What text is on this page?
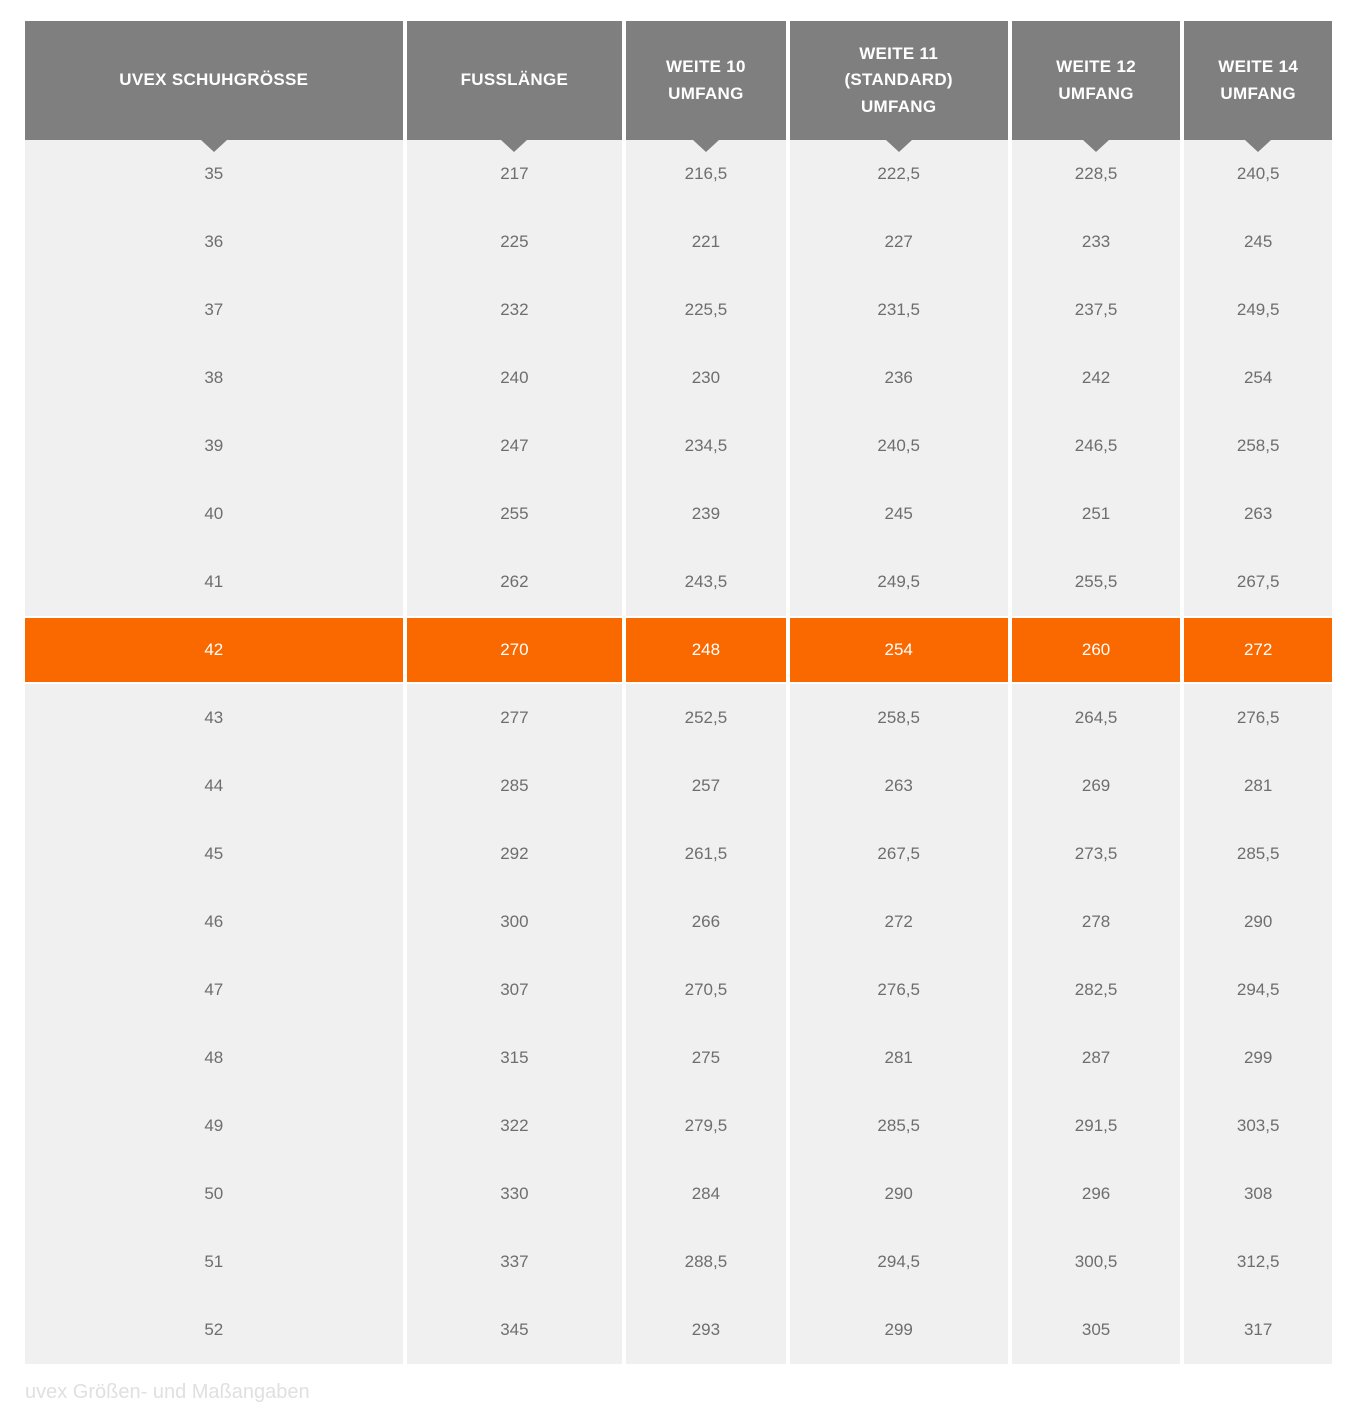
UVEX SCHUHGRÖSSE	FUSSLÄNGE	WEITE 10 UMFANG	WEITE 11 (STANDARD) UMFANG	WEITE 12 UMFANG	WEITE 14 UMFANG

35	217	216,5	222,5	228,5	240,5
36	225	221	227	233	245
37	232	225,5	231,5	237,5	249,5
38	240	230	236	242	254
39	247	234,5	240,5	246,5	258,5
40	255	239	245	251	263
41	262	243,5	249,5	255,5	267,5
42	270	248	254	260	272
43	277	252,5	258,5	264,5	276,5
44	285	257	263	269	281
45	292	261,5	267,5	273,5	285,5
46	300	266	272	278	290
47	307	270,5	276,5	282,5	294,5
48	315	275	281	287	299
49	322	279,5	285,5	291,5	303,5
50	330	284	290	296	308
51	337	288,5	294,5	300,5	312,5
52	345	293	299	305	317
uvex Größen- und Maßangaben
